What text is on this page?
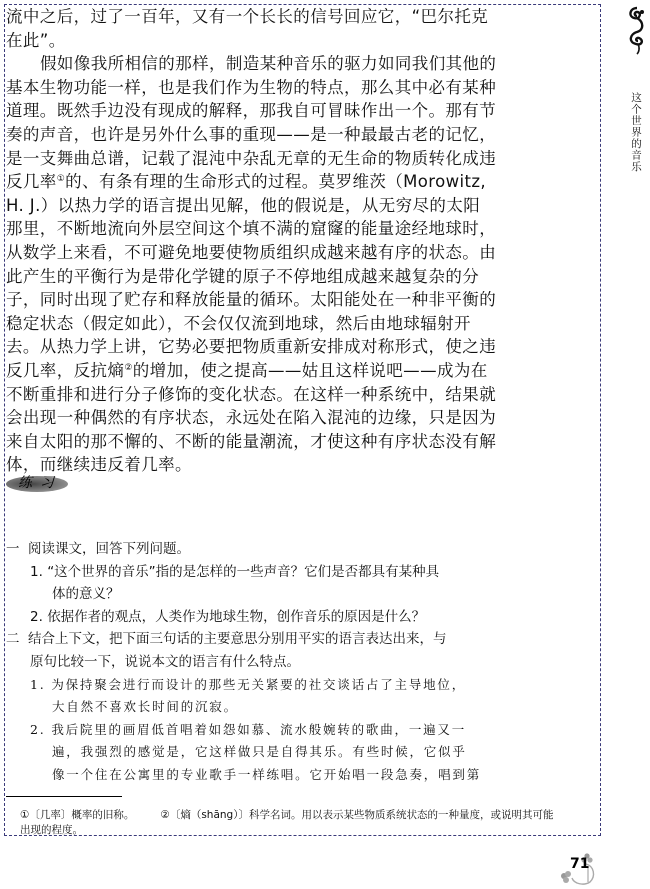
这个世界的音乐
流中之后，过了一百年，又有一个长长的信号回应它，“巴尔托克
在此”。
假如像我所相信的那样，制造某种音乐的驱力如同我们其他的
基本生物功能一样，也是我们作为生物的特点，那么其中必有某种
道理。既然手边没有现成的解释，那我自可冒昧作出一个。那有节
奏的声音，也许是另外什么事的重现——是一种最最古老的记忆，
是一支舞曲总谱，记载了混沌中杂乱无章的无生命的物质转化成违
反几率①的、有条有理的生命形式的过程。莫罗维茨（Morowitz,
H. J.）以热力学的语言提出见解，他的假说是，从无穷尽的太阳
那里，不断地流向外层空间这个填不满的窟窿的能量途经地球时，
从数学上来看，不可避免地要使物质组织成越来越有序的状态。由
此产生的平衡行为是带化学键的原子不停地组成越来越复杂的分
子，同时出现了贮存和释放能量的循环。太阳能处在一种非平衡的
稳定状态（假定如此），不会仅仅流到地球，然后由地球辐射开
去。从热力学上讲，它势必要把物质重新安排成对称形式，使之违
反几率，反抗熵②的增加，使之提高——姑且这样说吧——成为在
不断重排和进行分子修饰的变化状态。在这样一种系统中，结果就
会出现一种偶然的有序状态，永远处在陷入混沌的边缘，只是因为
来自太阳的那不懈的、不断的能量潮流，才使这种有序状态没有解
体，而继续违反着几率。
练习
一 阅读课文，回答下列问题。
1. “这个世界的音乐”指的是怎样的一些声音？它们是否都具有某种具
体的意义？
2. 依据作者的观点，人类作为地球生物，创作音乐的原因是什么？
二 结合上下文，把下面三句话的主要意思分别用平实的语言表达出来，与
原句比较一下，说说本文的语言有什么特点。
1. 为保持聚会进行而设计的那些无关紧要的社交谈话占了主导地位，
大自然不喜欢长时间的沉寂。
2. 我后院里的画眉低首唱着如怨如慕、流水般婉转的歌曲，一遍又一
遍，我强烈的感觉是，它这样做只是自得其乐。有些时候，它似乎
像一个住在公寓里的专业歌手一样练唱。它开始唱一段急奏，唱到第
①〔几率〕概率的旧称。 ②〔熵（shāng）〕科学名词。用以表示某些物质系统状态的一种量度，或说明其可能
出现的程度。
71
